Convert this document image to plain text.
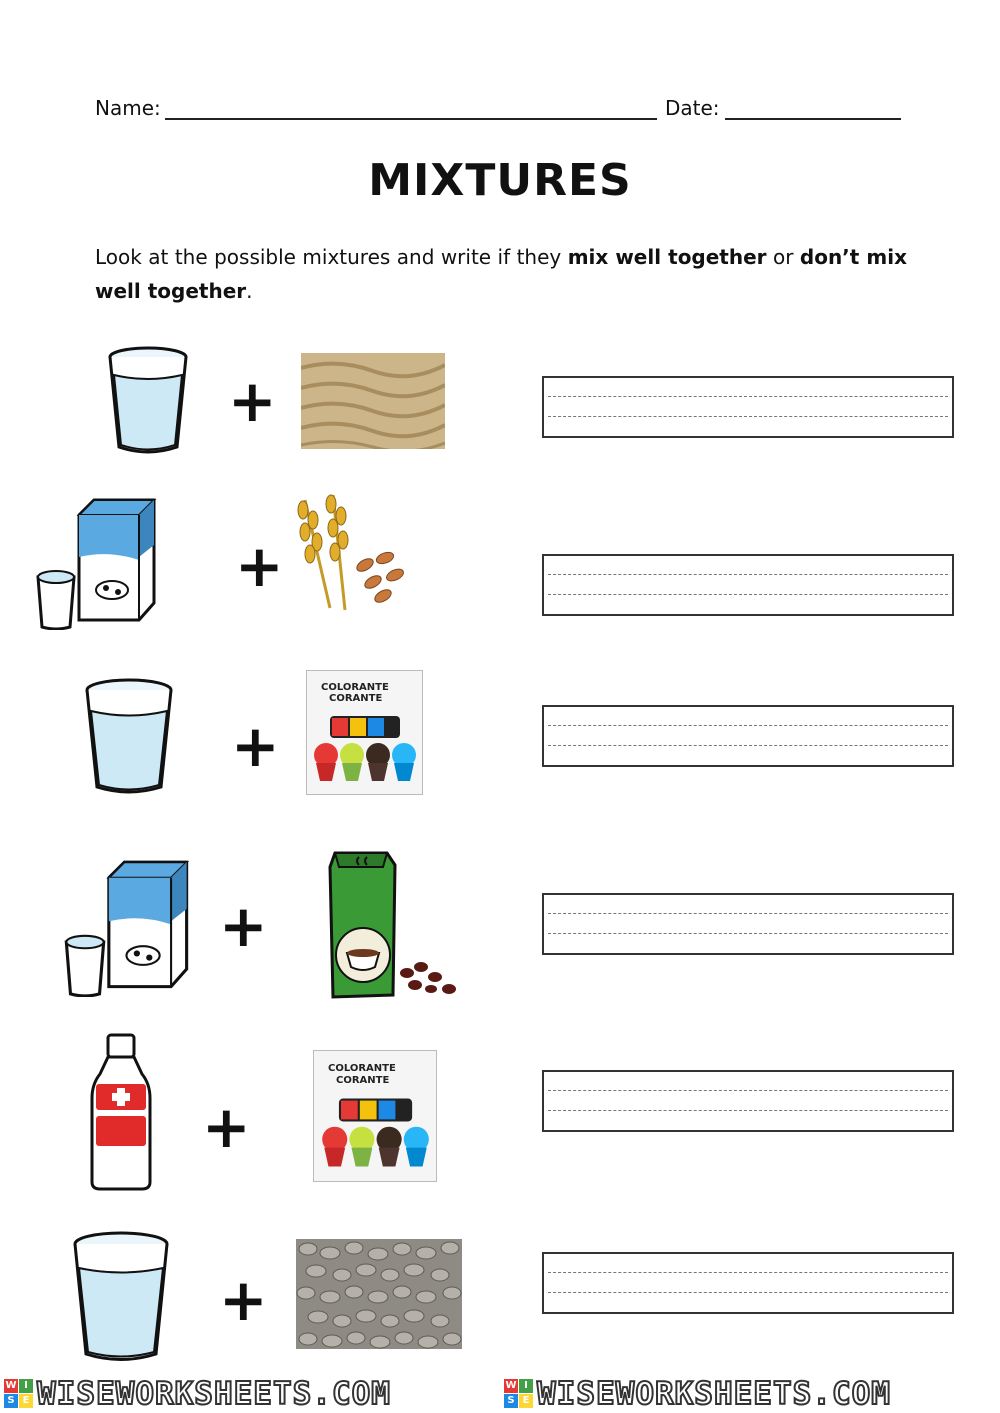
Name:	Date:
MIXTURES
Look at the possible mixtures and write if they mix well together or don’t mix well together.
+
+
+
COLORANTE
CORANTE
+
96º +
COLORANTE
CORANTE
+
W I
S E WISEWORKSHEETS.COM	W I
S E WISEWORKSHEETS.COM
